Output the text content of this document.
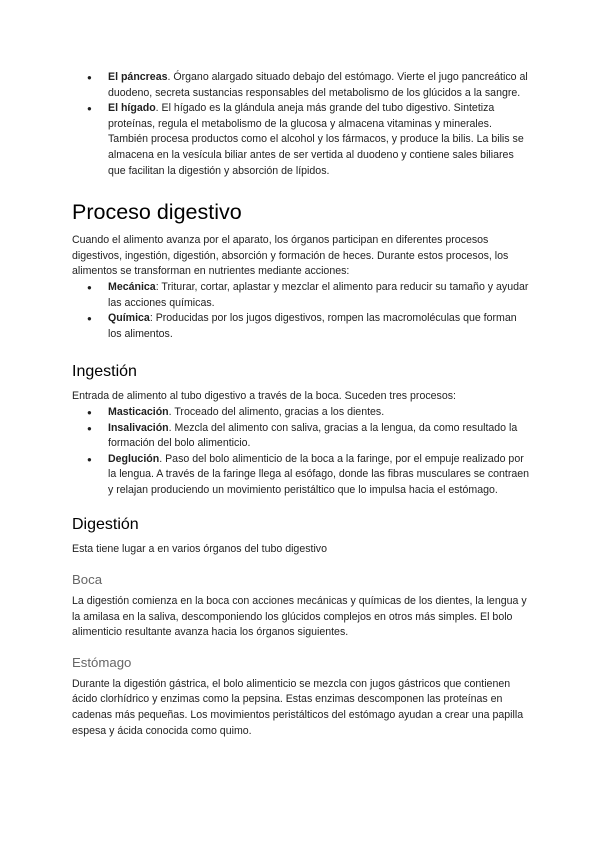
● El páncreas. Órgano alargado situado debajo del estómago. Vierte el jugo pancreático al duodeno, secreta sustancias responsables del metabolismo de los glúcidos a la sangre.
● El hígado. El hígado es la glándula aneja más grande del tubo digestivo. Sintetiza proteínas, regula el metabolismo de la glucosa y almacena vitaminas y minerales. También procesa productos como el alcohol y los fármacos, y produce la bilis. La bilis se almacena en la vesícula biliar antes de ser vertida al duodeno y contiene sales biliares que facilitan la digestión y absorción de lípidos.
Proceso digestivo

Cuando el alimento avanza por el aparato, los órganos participan en diferentes procesos digestivos, ingestión, digestión, absorción y formación de heces. Durante estos procesos, los alimentos se transforman en nutrientes mediante acciones:

● Mecánica: Triturar, cortar, aplastar y mezclar el alimento para reducir su tamaño y ayudar las acciones químicas.
● Química: Producidas por los jugos digestivos, rompen las macromoléculas que forman los alimentos.
Ingestión

Entrada de alimento al tubo digestivo a través de la boca. Suceden tres procesos:

● Masticación. Troceado del alimento, gracias a los dientes.
● Insalivación. Mezcla del alimento con saliva, gracias a la lengua, da como resultado la formación del bolo alimenticio.
● Deglución. Paso del bolo alimenticio de la boca a la faringe, por el empuje realizado por la lengua. A través de la faringe llega al esófago, donde las fibras musculares se contraen y relajan produciendo un movimiento peristáltico que lo impulsa hacia el estómago.
Digestión

Esta tiene lugar a en varios órganos del tubo digestivo

Boca

La digestión comienza en la boca con acciones mecánicas y químicas de los dientes, la lengua y la amilasa en la saliva, descomponiendo los glúcidos complejos en otros más simples. El bolo alimenticio resultante avanza hacia los órganos siguientes.

Estómago

Durante la digestión gástrica, el bolo alimenticio se mezcla con jugos gástricos que contienen ácido clorhídrico y enzimas como la pepsina. Estas enzimas descomponen las proteínas en cadenas más pequeñas. Los movimientos peristálticos del estómago ayudan a crear una papilla espesa y ácida conocida como quimo.
